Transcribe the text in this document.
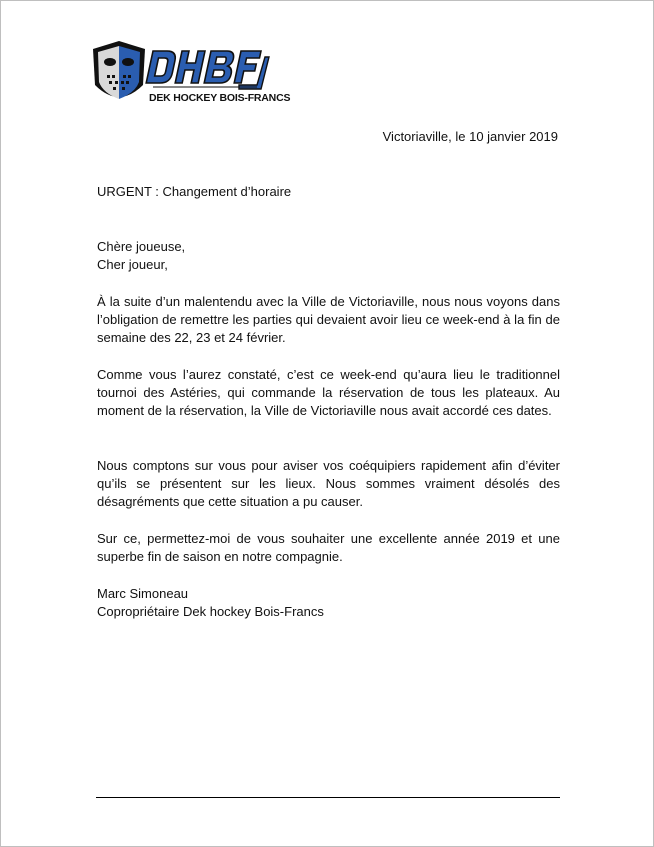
DEK HOCKEY BOIS-FRANCS
Victoriaville, le 10 janvier 2019
URGENT : Changement d’horaire
Chère joueuse,
Cher joueur,
À la suite d’un malentendu avec la Ville de Victoriaville, nous nous voyons dans l’obligation de remettre les parties qui devaient avoir lieu ce week-end à la fin de semaine des 22, 23 et 24 février.
Comme vous l’aurez constaté, c’est ce week-end qu’aura lieu le traditionnel tournoi des Astéries, qui commande la réservation de tous les plateaux. Au moment de la réservation, la Ville de Victoriaville nous avait accordé ces dates.
Nous comptons sur vous pour aviser vos coéquipiers rapidement afin d’éviter qu’ils se présentent sur les lieux. Nous sommes vraiment désolés des désagréments que cette situation a pu causer.
Sur ce, permettez-moi de vous souhaiter une excellente année 2019 et une superbe fin de saison en notre compagnie.
Marc Simoneau
Copropriétaire Dek hockey Bois-Francs
